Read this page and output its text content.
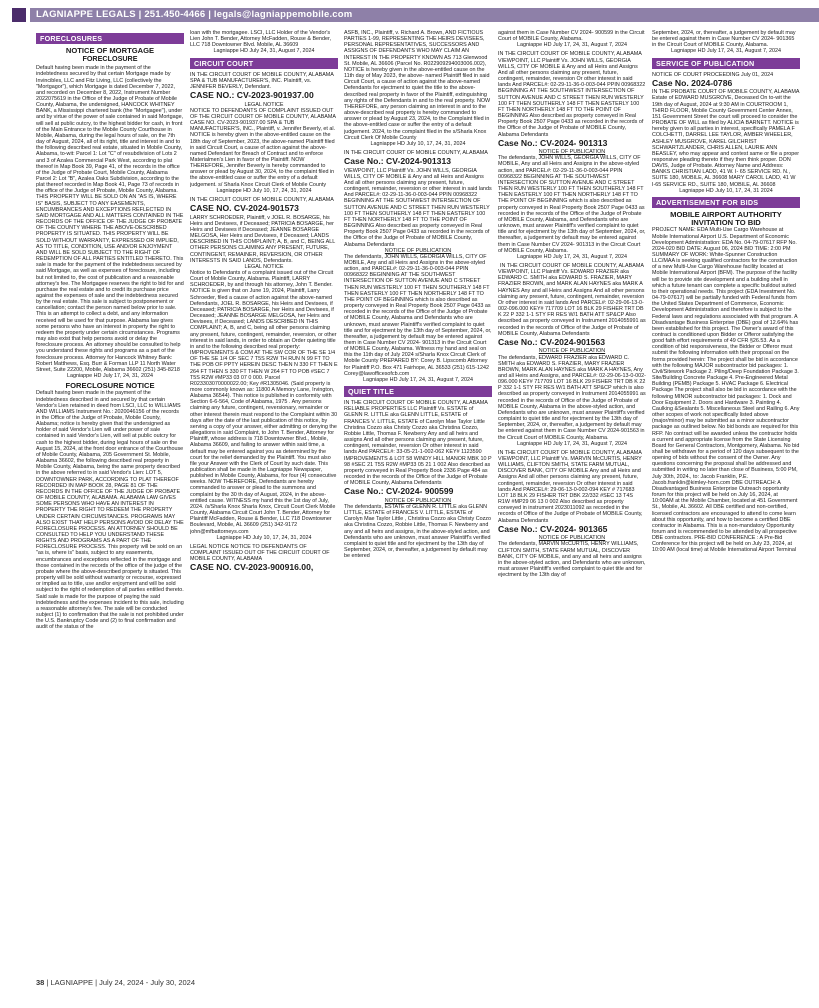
LAGNIAPPE LEGALS | 251.450-4466 | legals@lagniappemobile.com
FORECLOSURES
NOTICE OF MORTGAGE
FORECLOSURE
Default having been made in the payment of the indebtedness secured by that certain Mortgage made by Invincibles, LLC and Fitz Living, LLC (collectively the "Mortgagor"), which Mortgage is dated December 7, 2022, and recorded on December 8, 2022, Instrument Number 2022075619 in the Office of the Judge of Probate of Mobile County, Alabama, the undersigned, HANCOCK WHITNEY BANK, a Mississippi chartered bank (the "Mortgagee"), under and by virtue of the power of sale contained in said Mortgage, will sell at public outcry, to the highest bidder for cash, in front of the Main Entrance to the Mobile County Courthouse in Mobile, Alabama, during the legal hours of sale, on the 7th day of August, 2024, all of its right, title and interest in and to the following described real estate, situated in Mobile County, Alabama, to-wit: Parcel 1: Lot "C" of resubdivision of Lots 2 and 3 of Azalea Commercial Park West, according to plat thereof in Map Book 39, Page 41, of the records in the office of the Judge of Probate Court, Mobile County, Alabama Parcel 2: Lot "B", Azalea Oaks Subdivision, according to the plat thereof recorded in Map Book 41, Page 73 of records in the office of the Judge of Probate, Mobile County, Alabama. THIS PROPERTY WILL BE SOLD ON AN "AS IS, WHERE IS" BASIS, SUBJECT TO ANY EASEMENTS, ENCUMBRANCES AND EXCEPTIONS REFLECTED IN SAID MORTGAGE AND ALL MATTERS CONTAINED IN THE RECORDS OF THE OFFICE OF THE JUDGE OF PROBATE OF THE COUNTY WHERE THE ABOVE-DESCRIBED PROPERTY IS SITUATED. THIS PROPERTY WILL BE SOLD WITHOUT WARRANTY, EXPRESSED OR IMPLIED, AS TO TITLE, CONDITION, USE AND/OR ENJOYMENT AND WILL BE SOLD SUBJECT TO THE RIGHT OF REDEMPTION OF ALL PARTIES ENTITLED THERETO. This sale is made for the payment of the indebtedness secured by said Mortgage, as well as expenses of foreclosure, including but not limited to, the cost of publication and a reasonable attorney's fee. The Mortgagee reserves the right to bid for and purchase the real estate and to credit its purchase price against the expenses of sale and the indebtedness secured by the real estate. This sale is subject to postponement or cancellation; contact the person named below prior to sale. This is an attempt to collect a debt, and any information received will be used for that purpose. Alabama law gives some persons who have an interest in property the right to redeem the property under certain circumstances. Programs may also exist that help persons avoid or delay the foreclosure process. An attorney should be consulted to help you understand these rights and programs as a part of the foreclosure process. Attorney for Hancock Whitney Bank: Robert Matthews, Esq. Burr & Forman LLP 11 North Water Street, Suite 22200, Mobile, Alabama 36602 (251) 345-8218
Lagniappe HD July 17, 24, 31, 2024
FORECLOSURE NOTICE
Default having been made in the payment of the indebtedness described in and secured by that certain Vendor's Lien retained in deed from LSCI, LLC to WILLIAMS AND WILLIAMS Instrument No.: 2020046156 of the records in the Office of the Judge of Probate, Mobile County, Alabama; notice is hereby given that the undersigned as holder of said Vendor's Lien will under power of sale contained in said Vendor's Lien, will sell at public outcry for cash to the highest bidder, during legal hours of sale on the August 15, 2024, at the front door entrance of the Courthouse of Mobile County, Alabama, 205 Government St. Mobile, Alabama 36602, the following described real property in Mobile County, Alabama, being the same property described in the above referred to in said Vendor's Lien: LOT 5, DOWNTOWNER PARK, ACCORDING TO PLAT THEREOF RECORDED IN MAP BOOK 28, PAGE 81 OF THE RECORDS IN THE OFFICE OF THE JUDGE OF PROBATE OF MOBILE COUNTY, ALABAMA. ALABAMA LAW GIVES SOME PERSONS WHO HAVE AN INTEREST IN PROPERTY THE RIGHT TO REDEEM THE PROPERTY UNDER CERTAIN CIRCUMSTANCES. PROGRAMS MAY ALSO EXIST THAT HELP PERSONS AVOID OR DELAY THE FORECLOSURE PROCESS. AN ATTORNEY SHOULD BE CONSULTED TO HELP YOU UNDERSTAND THESE RIGHTS AND PROGRAMS AS A PART OF THE FORECLOSURE PROCESS. This property will be sold on an "as is, where is" basis, subject to any easements, encumbrances and exceptions reflected in the mortgage and those contained in the records of the office of the judge of the probate where the above-described property is situated. This property will be sold without warranty or recourse, expressed or implied as to title, use and/or enjoyment and will be sold subject to the right of redemption of all parties entitled thereto. Said sale is made for the purpose of paying the said indebtedness and the expenses incident to this sale, including a reasonable attorney's fee. The sale will be conducted subject (1) to confirmation that the sale is not prohibited under the U.S. Bankruptcy Code and (2) to final confirmation and audit of the status of the
loan with the mortgagee. LSCI, LLC Holder of the Vendor's Lien John T. Bender, Attorney McFadden, Rouse & Bender, LLC 718 Downtowner Blvd. Mobile, AL 36609
Lagniappe HD July 24, 31, August 7, 2024
CIRCUIT COURT
IN THE CIRCUIT COURT OF MOBILE COUNTY, ALABAMA SPA & TUB MANUFACTURER'S, INC. Plaintiff, vs. JENNIFER BEVERLY, Defendant.
CASE NO.: CV-2023-901937.00
LEGAL NOTICE
NOTICE TO DEFENDANTS OF COMPLAINT ISSUED OUT OF THE CIRCUIT COURT OF MOBILE COUNTY, ALABAMA CASE NO. CV-2023-901937.00 SPA & TUB MANUFACTURER'S, INC., Plaintiff, v. Jennifer Beverly, et al. NOTICE is hereby given in the above-entitled cause on the 18th day of September, 2023, the above-named Plaintiff filed in said Circuit Court, a cause of action against the above-named Defendant for Breach of Contract and to enforce Materialmen's Lien in favor of the Plaintiff. NOW THEREFORE, Jennifer Beverly is hereby commanded to answer or plead by August 30, 2024, to the complaint filed in the above-entitled case or suffer the entry of a default judgement. s/ Sharla Knox Circuit Clerk of Mobile County
Lagniappe HD July 10, 17, 24, 31, 2024
IN THE CIRCUIT COURT OF MOBILE COUNTY, ALABAMA
CASE NO. CV-2024-901573
LARRY SCHROEDER, Plaintiff, v JOEL R. BOSARGE, his Heirs and Devisees, if Deceased; PATRICIA BOSARGE, her Heirs and Devisees if Deceased; JEANNE BOSARGE MELGOSA, Her Heirs and Devisees, if Deceased; LANDS DESCRIBED IN THIS COMPLAINT; A, B, and C, BEING ALL OTHER PERSONS CLAIMING ANY PRESENT, FUTURE, CONTINGENT, REMAINER, REVERSION, OR OTHER INTERESTS IN SAID LANDS, Defendants.
LEGAL NOTICE
Notice to Defendants of a complaint issued out of the Circuit Court of Mobile County, Alabama. Plaintiff, LARRY SCHROEDER, by and through his attorney, John T. Bender. NOTICE is given that on June 19, 2024, Plaintiff, Larry Schroeder, filed a cause of action against the above-named Defendants, JOEL R. BOSARGE, his Heirs and Devisees, if Deceased; PATRICIA BOSARGE, her Heirs and Devisees, if Deceased; JEANNE BOSARGE MELGOSA, her Heirs and Devisees, if Deceased; LANDS DESCRIBED IN THIS COMPLAINT; A, B, and C, being all other persons claiming any present, future, contingent, remainder, reversion, or other interest in said lands, in order to obtain an Order quieting title in and to the following described real property: IMPROVEMENTS & COM AT THE SW COR OF THE SE 1/4 OF THE SE 1/4 OF SEC 7 T5S R2W TH RUN N 99 FT TO THE POB OF PPTY HEREIN DESC THEN N 330 FT THEN E 264 FT THEN S 330 FT THEN W 264 FT TO POB #SEC 7 T5S R2W #MP33 03 07 0 000. Parcel R023303070000022.00; Key #R1305046. (Said property is more commonly known as: 11800 A Memory Lane, Irvington, Alabama 36544). This notice is published in conformity with Section 6-6-564, Code of Alabama, 1975 . Any persons claiming any future, contingent, reversionary, remainder or other interest therein must respond to the Complaint within 30 days after the date of the last publication of this notice, by serving a copy of your answer, either admitting or denying the allegations in said Complaint, to John T. Bender, Attorney for Plaintiff, whose address is 718 Downtowner Blvd., Mobile, Alabama 36609, and failing to answer within said time, a default may be entered against you as determined by the court for the relief demanded by the Plaintiff. You must also file your Answer with the Clerk of Court by such date. This publication shall be made in the Lagniappe Newspaper, published in Mobile County, Alabama, for four (4) consecutive weeks. NOW THEREFORE, Defendants are hereby commanded to answer or plead to the summons and complaint by the 30 th day of August, 2024, in the above-entitled cause. WITNESS my hand this the 1st day of July, 2024. /s/Sharla Knox Sharla Knox, Circuit Court Clerk Mobile County, Alabama Circuit Court John T. Bender, Attorney for Plaintiff McFadden, Rouse & Bender, LLC 718 Downtowner Boulevard, Mobile, AL 36609 (251) 342-9172 john@mfbattorneys.com
Lagniappe HD July 10, 17, 24, 31, 2024
LEGAL NOTICE NOTICE TO DEFENDANTS OF COMPLAINT ISSUED OUT OF THE CIRCUIT COURT OF MOBILE COUNTY, ALABAMA
CASE NO. CV-2023-900916.00,
ASFB, INC., Plaintiff, v. Richard A. Brown, AND FICTIOUS PARTIES 1-99, REPRESENTING THE HEIRS DEVISEES, PERSONAL REPRESENTATIVES, SUCCESSORS AND ASSIGNS OF DEFENDANTS WHO MAY CLAIM AN INTEREST IN THE PROPERTY KNOWN AS 713 Glenwood St. Mobile, AL 36606 (Parcel No. R022909294003006.002), NOTICE is hereby given in the above-entitled cause on the 11th day of May 2023, the above- named Plaintiff filed in said Circuit Court, a cause of action against the above-named Defendants for ejectment to quiet the title to the above-described real property in favor of the Plaintiff, extinguishing any rights of the Defendants in and to the real property. NOW THEREFORE, any person claiming an interest in and to the above-described real property is hereby commanded to answer or plead by August 23, 2024, to the Complaint filed in the above-entitled case or suffer the entry of a default judgement. 2024, to the complaint filed in the s/Sharla Knox Circuit Clerk Of Mobile County
Lagniappe HD July 10, 17, 24, 31, 2024
IN THE CIRCUIT COURT OF MOBILE COUNTY, ALABAMA
Case No.: CV-2024-901313
VIEWPOINT, LLC Plaintiff Vs. JOHN WILLS, GEORGIA WILLS, CITY OF MOBILE & Any and all Heirs and Assigns And all other persons claiming any present, future, contingent, remainder, reversion or other interest in said lands And PARCEL#: 02-29-11-36-0-003-044 PPIN 00968322 BEGINNING AT THE SOUTHWEST INTERSECTION OF SUTTON AVENUE AND C STREET THEN RUN WESTERLY 100 FT THEN SOUTHERLY 148 FT THEN EASTERLY 100 FT THEN NORTHERLY 148 FT TO THE POINT OF BEGINNING Also described as property conveyed in Real Property Book 2507 Page 0433 as recorded in the records of the Office of the Judge of Probate of MOBILE County, Alabama Defendants
NOTICE OF PUBLICATION
The defendants, JOHN WILLS, GEORGIA WILLS, CITY OF MOBILE, Any and all Heirs and Assigns in the above-styled action, and PARCEL#: 02-29-11-36-0-003-044 PPIN 00968322 BEGINNING AT THE SOUTHWEST INTERSECTION OF SUTTON AVENUE AND C STREET THEN RUN WESTERLY 100 FT THEN SOUTHERLY 148 FT THEN EASTERLY 100 FT THEN NORTHERLY 148 FT TO THE POINT OF BEGINNING which is also described as property conveyed in Real Property Book 2507 Page 0433 as recorded in the records of the Office of the Judge of Probate of MOBILE County, Alabama and Defendants who are unknown, must answer Plaintiff's verified complaint to quiet title and for ejectment by the 13th day of September, 2024, or, thereafter, a judgement by default may be entered against them in Case Number CV 2024- 901313 in the Circuit Court of MOBILE County, Alabama. Witness my hand and seal on this the 11th day of July 2024 s/Sharla Knox Circuit Clerk of Mobile County PREPARED BY: Corey B. Lipscomb Attorney for Plaintiff P.O. Box 471 Fairhope, AL 36533 (251) 615-1242 Corey@lawofficesofcb.com
Lagniappe HD July 17, 24, 31, August 7, 2024
QUIET TITLE
IN THE CIRCUIT COURT OF MOBILE COUNTY, ALABAMA RELIABLE PROPERTIES LLC Plaintiff Vs. ESTATE of GLENN R. LITTLE aka GLENN LITTLE, ESTATE of FRANCES V. LITTLE, ESTATE of Carolyn Mae Taylor Little Christina Cozzo aka Christy Cozzo aka Christina Cozzo, Robbie Little, Thomas F. Newberry Any and all heirs and assigns And all other persons claiming any present, future, contingent, remainder, reversion Or other interest in said lands And PARCEL#: 33-05-21-1-002-062 KEY# 1123590 IMPROVEMENTS & LOT 58 WINDY HILL MANOR MBK 10 P 98 #SEC 21 T5S R2W #MP33 05 21 1 002 Also described as property conveyed in Real Property Book 2336 Page 484 as recorded in the records of the Office of the Judge of Probate of MOBILE County, Alabama Defendants
Case No.: CV-2024- 900599
NOTICE OF PUBLICATION
The defendants, ESTATE of GLENN R. LITTLE aka GLENN LITTLE, ESTATE of FRANCES V. LITTLE, ESTATE of Carolyn Mae Taylor Little , Christina Cozzo aka Christy Cozzo aka Christina Cozzo, Robbie Little, Thomas F. Newberry and any and all heirs and assigns, in the above-styled action, and Defendants who are unknown, must answer Plaintiff's verified complaint to quiet title and for ejectment by the 13th day of September, 2024, or, thereafter, a judgement by default may be entered
against them in Case Number CV 2024- 900599 in the Circuit Court of MOBILE County, Alabama.
Lagniappe HD July 17, 24, 31, August 7, 2024
IN THE CIRCUIT COURT OF MOBILE COUNTY, ALABAMA VIEWPOINT, LLC Plaintiff Vs. JOHN WILLS, GEORGIA WILLS, CITY OF MOBILE & Any and all Heirs and Assigns And all other persons claiming any present, future, contingent, remainder, reversion Or other interest in said lands And PARCEL#: 02-29-11-36-0-003-044 PPIN 00968322 BEGINNING AT THE SOUTHWEST INTERSECTION OF SUTTON AVENUE AND C STREET THEN RUN WESTERLY 100 FT THEN SOUTHERLY 148 FT THEN EASTERLY 100 FT THEN NORTHERLY 148 FT TO THE POINT OF BEGINNING Also described as property conveyed in Real Property Book 2507 Page 0433 as recorded in the records of the Office of the Judge of Probate of MOBILE County, Alabama Defendants
Case No.: CV-2024- 901313
NOTICE OF PUBLICATION
The defendants, JOHN WILLS, GEORGIA WILLS, CITY OF MOBILE, Any and all Heirs and Assigns in the above-styled action, and PARCEL#: 02-29-11-36-0-003-044 PPIN 00968322 BEGINNING AT THE SOUTHWEST INTERSECTION OF SUTTON AVENUE AND C STREET THEN RUN WESTERLY 100 FT THEN SOUTHERLY 148 FT THEN EASTERLY 100 FT THEN NORTHERLY 148 FT TO THE POINT OF BEGINNING which is also described as property conveyed in Real Property Book 2507 Page 0433 as recorded in the records of the Office of the Judge of Probate of MOBILE County, Alabama, and Defendants who are unknown, must answer Plaintiff's verified complaint to quiet title and for ejectment by the 13th day of September, 2024, or, thereafter, a judgement by default may be entered against them in Case Number CV 2024- 901313 in the Circuit Court of MOBILE County, Alabama.
Lagniappe HD July 17, 24, 31, August 7, 2024
IN THE CIRCUIT COURT OF MOBILE COUNTY, ALABAMA
VIEWPOINT, LLC Plaintiff Vs. EDWARD FRAZIER aka EDWARD C. SMITH aka EDWARD S. FRAZIER, MARY FRAZIER BROWN, and MARK ALAN HAYNES aka MARK A HAYNES Any and all Heirs and Assigns And all other persons claiming any present, future, contingent, remainder, reversion Or other interest in said lands And PARCEL#: 02-29-06-13-0-002-096.000 KEY# 717709 LOT 16 BLK 29 FISHER TRT DB K 22 P 332 1-1 STY FR RES W/1 BATH ATT SP&CP Also described as property conveyed in Instrument 2014055991 as recorded in the records of Office of the Judge of Probate of MOBILE County, Alabama Defendants
Case No.: CV-2024-901563
NOTICE OF PUBLICATION
The defendants, EDWARD FRAZIER aka EDWARD C. SMITH aka EDWARD S. FRAZIER, MARY FRAZIER BROWN, MARK ALAN HAYNES aka MARK A HAYNES, Any and all Heirs and Assigns, and PARCEL#: 02-29-06-13-0-002-096.000 KEY# 717709 LOT 16 BLK 29 FISHER TRT DB K 22 P 332 1-1 STY FR RES W/1 BATH ATT SP&CP which is also described as property conveyed in Instrument 2014055991 as recorded in the records of Office of the Judge of Probate of MOBILE County, Alabama in the above-styled action, and Defendants who are unknown, must answer Plaintiff's verified complaint to quiet title and for ejectment by the 13th day of September, 2024, or, thereafter, a judgement by default may be entered against them in Case Number CV 2024-901563 in the Circuit Court of MOBILE County, Alabama.
Lagniappe HD July 17, 24, 31, August 7, 2024
IN THE CIRCUIT COURT OF MOBILE COUNTY, ALABAMA VIEWPOINT, LLC Plaintiff Vs. MARVIN McCURTIS, HENRY WILLIAMS, CLIFTON SMITH, STATE FARM MUTUAL, DISCOVER BANK, CITY OF MOBILE Any and all Heirs and Assigns And all other persons claiming any present, future, contingent, remainder, reversion Or other interest in said lands And PARCEL#: 29-06-13-0-002-094 KEY # 717683 LOT 18 BLK 29 FISHER TRT DBK 22/332 #SEC 13 T4S R1W #MP29 06 13 0 002 Also described as property conveyed in instrument 2023011092 as recorded in the records of Office of the Judge of Probate of MOBILE County, Alabama Defendants
Case No.: CV-2024- 901365
NOTICE OF PUBLICATION
The defendants, MARVIN McCURTIS, HENRY WILLIAMS, CLIFTON SMITH, STATE FARM MUTUAL, DISCOVER BANK, CITY OF MOBILE, and any and all heirs and assigns in the above-styled action, and Defendants who are unknown, must answer Plaintiff's verified complaint to quiet title and for ejectment by the 13th day of
September, 2024, or, thereafter, a judgement by default may be entered against them in Case Number CV 2024- 901365 in the Circuit Court of MOBILE County, Alabama.
Lagniappe HD July 17, 24, 31, August 7, 2024
SERVICE OF PUBLICATION
NOTICE OF COURT PROCEEDING July 01, 2024
Case No. 2024-0786
IN THE PROBATE COURT OF MOBILE COUNTY, ALABAMA Estate of EDWARD MUSGROVE, Deceased On to-wit the 19th day of August, 2024 at 9:30 AM in COURTROOM 1, THIRD FLOOR, Mobile County Government Center Annex, 151 Government Street the court will proceed to consider the PROBATE OF WILL as filed by ALICIA BARNETT. NOTICE is hereby given to all parties in interest, specifically PAMELA F COLCHETTI, DARREL LEE TAYLOR, AMBER WHEELER, ASHLEY MUSGROVE, KAREL GILCHRIST SCHWARTZLANDER, CHRIS ALLEN, LAURIE ANN BEASLEY, who may appear and contest same or file a proper responsive pleading thereto if they then think proper. DON DAVIS, Judge of Probate. Attorney Name and Address: BANKS CHRISTIAN LADD, 41 W. I- 65 SERVICE RD. N., SUITE 180, MOBILE, AL 36608 MARY CAROL LADD, 41 W I-65 SERVICE RD., SUITE 180, MOBILE, AL 36608
Lagniappe HD July 10, 17, 24, 31 2024
ADVERTISEMENT FOR BIDS
MOBILE AIRPORT AUTHORITY INVITATION TO BID
PROJECT NAME: EDA Multi-Use Cargo Warehouse at Mobile International Airport U.S. Department of Economic Development Administration: EDA No. 04-79-07617 RFP No. 2024-020 BID DATE: August 06, 2024 BID TIME: 2:00 PM SUMMARY OF WORK: White-Spunner Construction LLC/MAA is seeking qualified contractors for the construction of a new Multi-Use Cargo Warehouse facility located at Mobile International Airport (BFM). The purpose of the facility will be to provide site development and a building shell in which a future tenant can complete a specific buildout suited to their operational needs. This project (EDA Investment No. 04-79-07617) will be partially funded with Federal funds from the United States Department of Commerce, Economic Development Administration and therefore is subject to the Federal laws and regulations associated with that program. A Disadvantage Business Enterprise (DBE) goal of 12.64% has been established for this project. The Owner's award of this contract is conditioned upon Bidder or Offeror satisfying the good faith effort requirements of 49 CFR §26.53. As a condition of bid responsiveness, the Bidder or Offeror must submit the following information with their proposal on the forms provided herein: The project shall be bid in accordance with the following MAJOR subcontractor bid packages: 1. Civil/Sitework Package 2. Piling/Deep Foundation Package 3. Site/Building Concrete Package 4. Pre-Engineered Metal Building (PEMB) Package 5. HVAC Package 6. Electrical Package The project shall also be bid in accordance with the following MINOR subcontractor bid packages: 1. Dock and Door Equipment 2. Doors and Hardware 3. Painting 4. Caulking &Sealants 5. Miscellaneous Steel and Railing 6. Any other scopes of work not specifically listed above (major/minor) may be submitted as a minor subcontractor package as outlined below. No bid bonds are required for this RFP. No contract will be awarded unless the contractor holds a current and appropriate license from the State Licensing Board for General Contractors, Montgomery, Alabama. No bid shall be withdrawn for a period of 120 days subsequent to the opening of bids without the consent of the Owner. Any questions concerning the proposal shall be addressed and submitted in writing no later than close of Business, 5:00 PM, July 30th, 2024., to: Jacob Franklin, P.E. Jacob.franklin@kimley-horn.com DBE OUTREACH: A Disadvantaged Business Enterprise Outreach opportunity forum for this project will be held on July 16, 2024, at 10:00AM at the Mobile Chamber, located at 451 Government St., Mobile, AL 36602. All DBE certified and non-certified, licensed contractors are encouraged to attend to come learn about this opportunity, and how to become a certified DBE contractor in Alabama. This is a non-mandatory Opportunity forum and is recommended to be attended by all prospective DBE contractors. PRE-BID CONFERENCE : A Pre-Bid Conference for this project will be held on July 23, 2024, at 10:00 AM (local time) at Mobile International Airport Terminal
38 | LAGNIAPPE | July 24, 2024 - July 30, 2024
